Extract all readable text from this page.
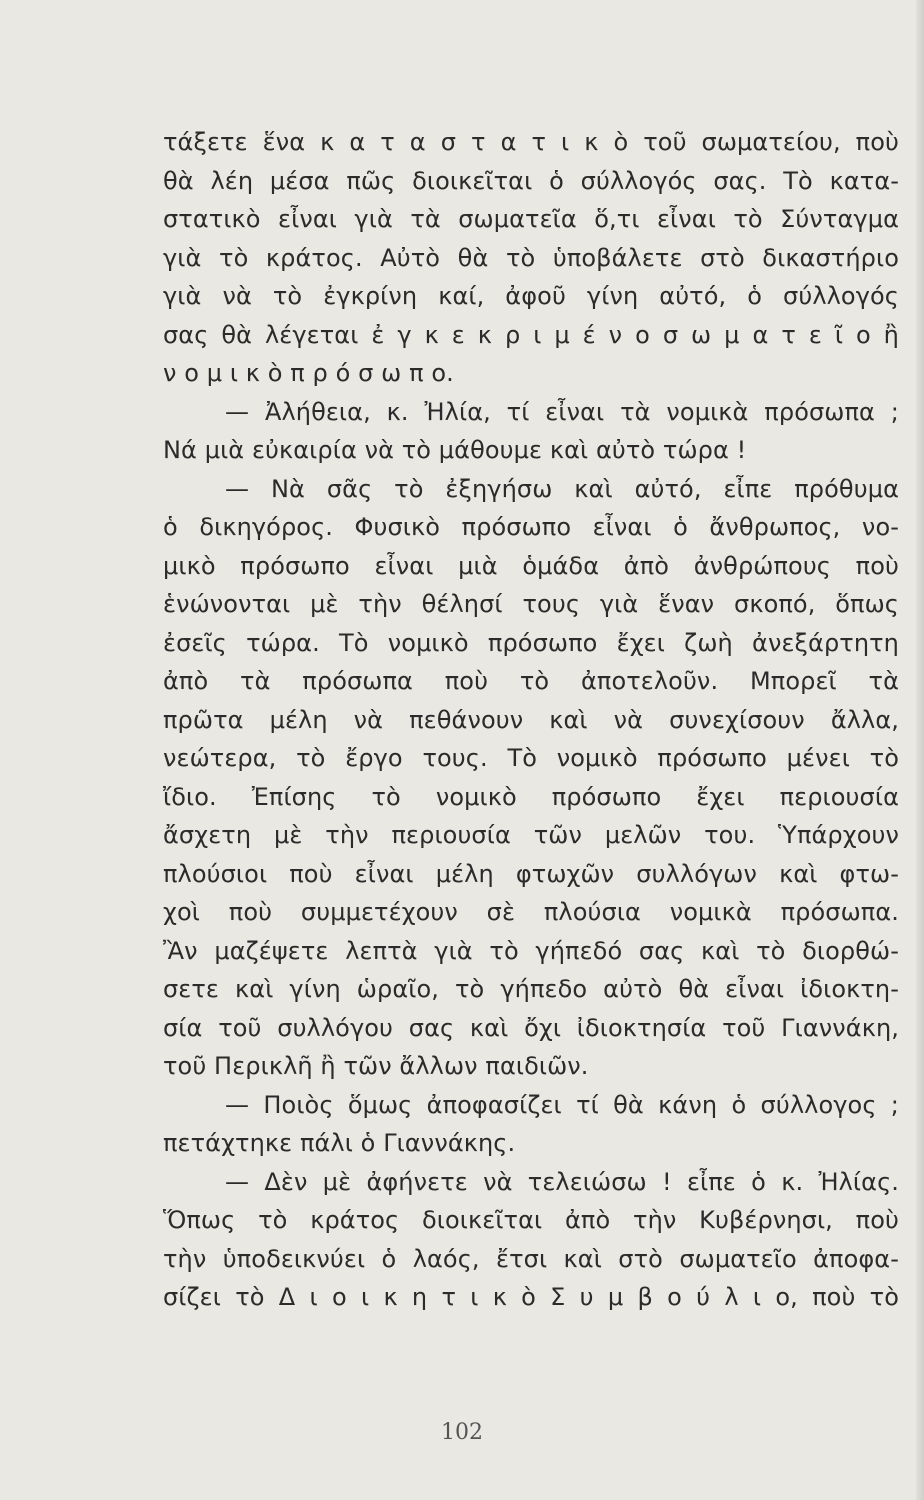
τάξετε ἕνα κ α τ α σ τ α τ ι κ ὸ τοῦ σωματείου, ποὺ
θὰ λέη μέσα πῶς διοικεῖται ὁ σύλλογός σας. Τὸ κατα-
στατικὸ εἶναι γιὰ τὰ σωματεῖα ὅ,τι εἶναι τὸ Σύνταγμα
γιὰ τὸ κράτος. Αὐτὸ θὰ τὸ ὑποβάλετε στὸ δικαστήριο
γιὰ νὰ τὸ ἐγκρίνη καί, ἀφοῦ γίνη αὐτό, ὁ σύλλογός
σας θὰ λέγεται ἐ γ κ ε κ ρ ι μ έ ν ο σ ω μ α τ ε ῖ ο ἢ
ν ο μ ι κ ὸ π ρ ό σ ω π ο.
— Ἀλήθεια, κ. Ἠλία, τί εἶναι τὰ νομικὰ πρόσωπα ;
Νά μιὰ εὐκαιρία νὰ τὸ μάθουμε καὶ αὐτὸ τώρα !
— Νὰ σᾶς τὸ ἐξηγήσω καὶ αὐτό, εἶπε πρόθυμα
ὁ δικηγόρος. Φυσικὸ πρόσωπο εἶναι ὁ ἄνθρωπος, νο-
μικὸ πρόσωπο εἶναι μιὰ ὁμάδα ἀπὸ ἀνθρώπους ποὺ
ἑνώνονται μὲ τὴν θέλησί τους γιὰ ἕναν σκοπό, ὅπως
ἐσεῖς τώρα. Τὸ νομικὸ πρόσωπο ἔχει ζωὴ ἀνεξάρτητη
ἀπὸ τὰ πρόσωπα ποὺ τὸ ἀποτελοῦν. Μπορεῖ τὰ
πρῶτα μέλη νὰ πεθάνουν καὶ νὰ συνεχίσουν ἄλλα,
νεώτερα, τὸ ἔργο τους. Τὸ νομικὸ πρόσωπο μένει τὸ
ἴδιο. Ἐπίσης τὸ νομικὸ πρόσωπο ἔχει περιουσία
ἄσχετη μὲ τὴν περιουσία τῶν μελῶν του. Ὑπάρχουν
πλούσιοι ποὺ εἶναι μέλη φτωχῶν συλλόγων καὶ φτω-
χοὶ ποὺ συμμετέχουν σὲ πλούσια νομικὰ πρόσωπα.
Ἂν μαζέψετε λεπτὰ γιὰ τὸ γήπεδό σας καὶ τὸ διορθώ-
σετε καὶ γίνη ὡραῖο, τὸ γήπεδο αὐτὸ θὰ εἶναι ἰδιοκτη-
σία τοῦ συλλόγου σας καὶ ὄχι ἰδιοκτησία τοῦ Γιαννάκη,
τοῦ Περικλῆ ἢ τῶν ἄλλων παιδιῶν.
— Ποιὸς ὅμως ἀποφασίζει τί θὰ κάνη ὁ σύλλογος ;
πετάχτηκε πάλι ὁ Γιαννάκης.
— Δὲν μὲ ἀφήνετε νὰ τελειώσω ! εἶπε ὁ κ. Ἠλίας.
Ὅπως τὸ κράτος διοικεῖται ἀπὸ τὴν Κυβέρνησι, ποὺ
τὴν ὑποδεικνύει ὁ λαός, ἔτσι καὶ στὸ σωματεῖο ἀποφα-
σίζει τὸ Δ ι ο ι κ η τ ι κ ὸ Σ υ μ β ο ύ λ ι ο, ποὺ τὸ
102
